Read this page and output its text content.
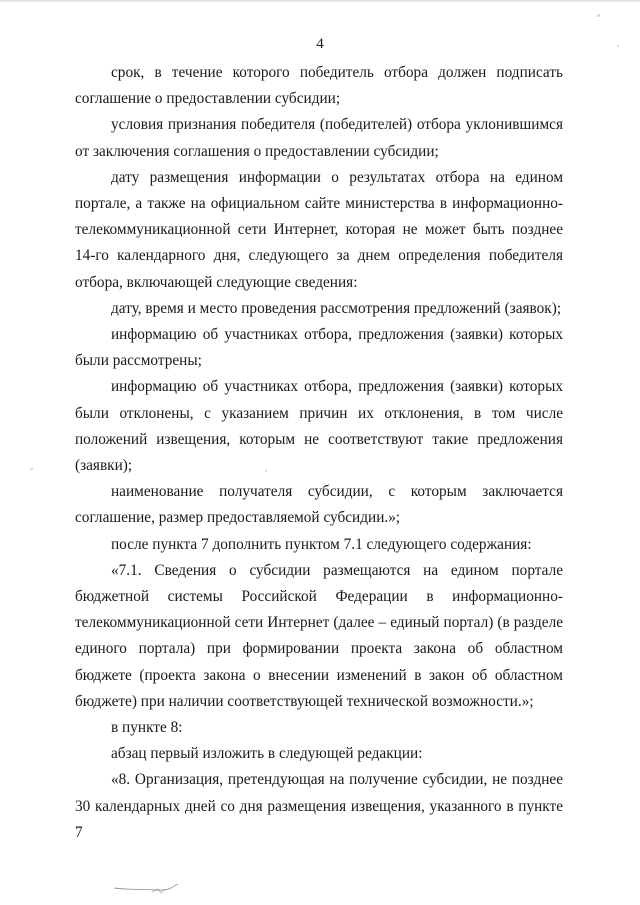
4

срок, в течение которого победитель отбора должен подписать соглашение о предоставлении субсидии;

условия признания победителя (победителей) отбора уклонившимся от заключения соглашения о предоставлении субсидии;

дату размещения информации о результатах отбора на едином портале, а также на официальном сайте министерства в информационно-телекоммуникационной сети Интернет, которая не может быть позднее 14-го календарного дня, следующего за днем определения победителя отбора, включающей следующие сведения:

дату, время и место проведения рассмотрения предложений (заявок);

информацию об участниках отбора, предложения (заявки) которых были рассмотрены;

информацию об участниках отбора, предложения (заявки) которых были отклонены, с указанием причин их отклонения, в том числе положений извещения, которым не соответствуют такие предложения (заявки);

наименование получателя субсидии, с которым заключается соглашение, размер предоставляемой субсидии.»;

после пункта 7 дополнить пунктом 7.1 следующего содержания:

«7.1. Сведения о субсидии размещаются на едином портале бюджетной системы Российской Федерации в информационно-телекоммуникационной сети Интернет (далее – единый портал) (в разделе единого портала) при формировании проекта закона об областном бюджете (проекта закона о внесении изменений в закон об областном бюджете) при наличии соответствующей технической возможности.»;

в пункте 8:

абзац первый изложить в следующей редакции:

«8. Организация, претендующая на получение субсидии, не позднее 30 календарных дней со дня размещения извещения, указанного в пункте 7
